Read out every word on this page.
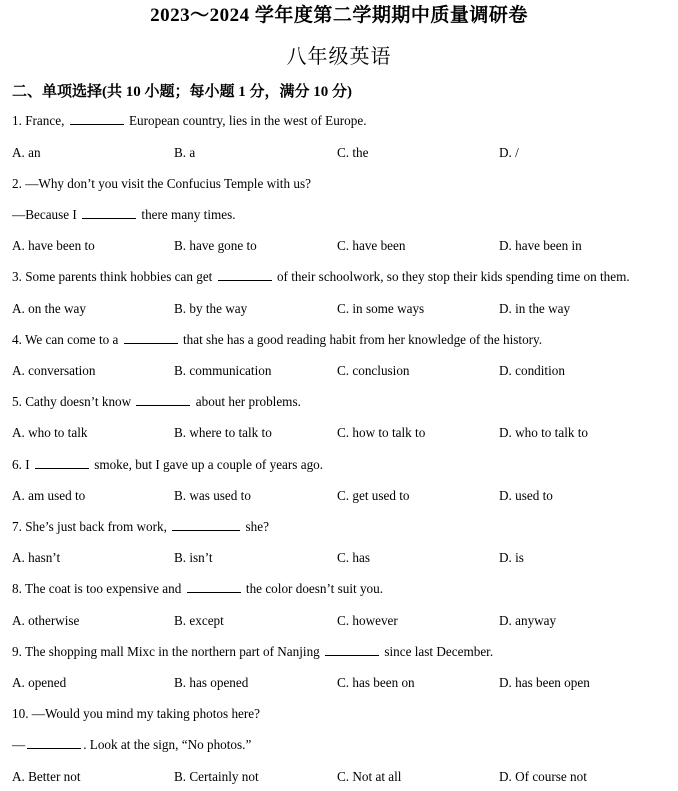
2023～2024 学年度第二学期期中质量调研卷
八年级英语
二、单项选择(共 10 小题；每小题 1 分，满分 10 分)
1. France,	European country, lies in the west of Europe.
A. an	B. a	C. the	D. /
2. —Why don’t you visit the Confucius Temple with us?
—Because I	there many times.
A. have been to	B. have gone to	C. have been	D. have been in
3. Some parents think hobbies can get	of their schoolwork, so they stop their kids spending time on them.
A. on the way	B. by the way	C. in some ways	D. in the way
4. We can come to a	that she has a good reading habit from her knowledge of the history.
A. conversation	B. communication	C. conclusion	D. condition
5. Cathy doesn’t know	about her problems.
A. who to talk	B. where to talk to	C. how to talk to	D. who to talk to
6. I	smoke, but I gave up a couple of years ago.
A. am used to	B. was used to	C. get used to	D. used to
7. She’s just back from work,	she?
A. hasn’t	B. isn’t	C. has	D. is
8. The coat is too expensive and	the color doesn’t suit you.
A. otherwise	B. except	C. however	D. anyway
9. The shopping mall Mixc in the northern part of Nanjing	since last December.
A. opened	B. has opened	C. has been on	D. has been open
10. —Would you mind my taking photos here?
—	. Look at the sign, “No photos.”
A. Better not	B. Certainly not	C. Not at all	D. Of course not
